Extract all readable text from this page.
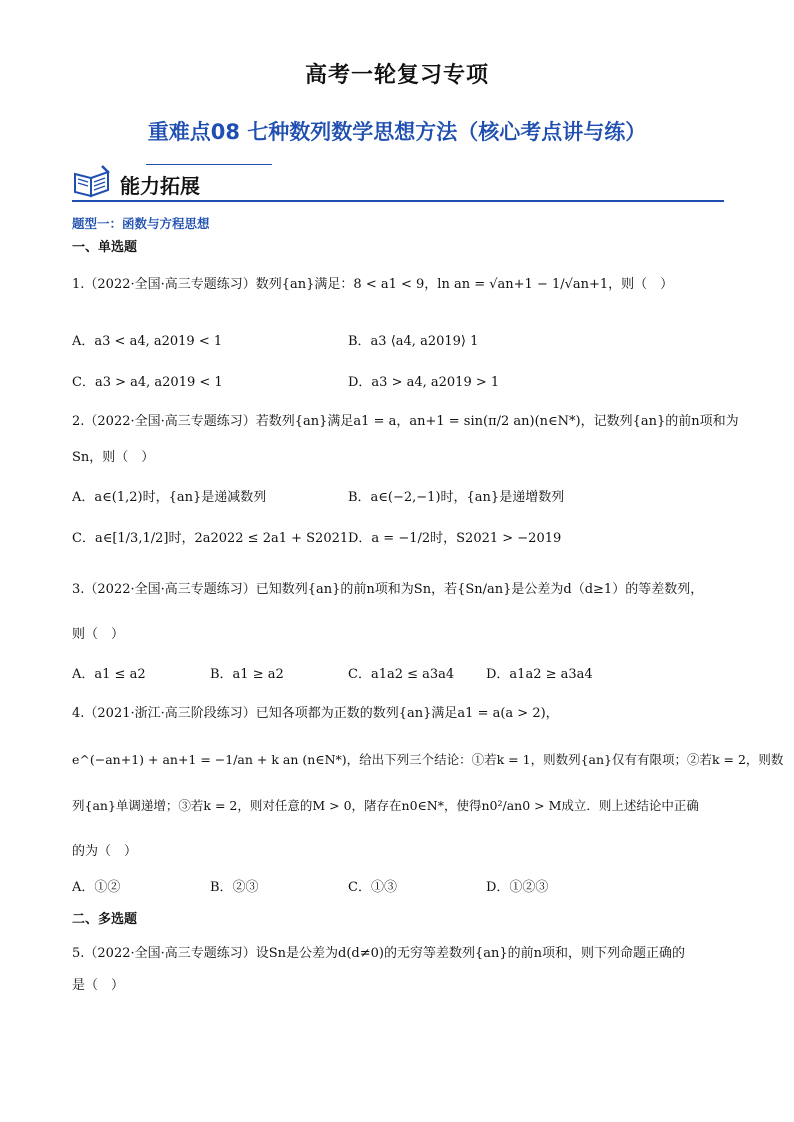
高考一轮复习专项
重难点08 七种数列数学思想方法（核心考点讲与练）
能力拓展
题型一：函数与方程思想
一、单选题
1.（2022·全国·高三专题练习）数列{an}满足：8 < a1 < 9，ln an = √an+1 − 1/√an+1，则（　）
A．a3 < a4, a2019 < 1	B．a3 ⟨a4, a2019⟩ 1
C．a3 > a4, a2019 < 1	D．a3 > a4, a2019 > 1
2.（2022·全国·高三专题练习）若数列{an}满足a1 = a，an+1 = sin(π/2 an)(n∈N*)，记数列{an}的前n项和为
Sn，则（　）
A．a∈(1,2)时，{an}是递减数列	B．a∈(−2,−1)时，{an}是递增数列
C．a∈[1/3,1/2]时，2a2022 ≤ 2a1 + S2021 D．a = −1/2时，S2021 > −2019
3.（2022·全国·高三专题练习）已知数列{an}的前n项和为Sn，若{Sn/an}是公差为d（d≥1）的等差数列，
则（　）
A．a1 ≤ a2	B．a1 ≥ a2	C．a1a2 ≤ a3a4 D．a1a2 ≥ a3a4
4.（2021·浙江·高三阶段练习）已知各项都为正数的数列{an}满足a1 = a(a > 2)，
e^(−an+1) + an+1 = −1/an + k an (n∈N*)，给出下列三个结论：①若k = 1，则数列{an}仅有有限项；②若k = 2，则数
列{an}单调递增；③若k = 2，则对任意的M > 0，陼存在n0∈N*，使得n0²/an0 > M成立．则上述结论中正确
的为（　）
A．①②	B．②③	C．①③	D．①②③
二、多选题
5.（2022·全国·高三专题练习）设Sn是公差为d(d≠0)的无穷等差数列{an}的前n项和，则下列命题正确的
是（　）
